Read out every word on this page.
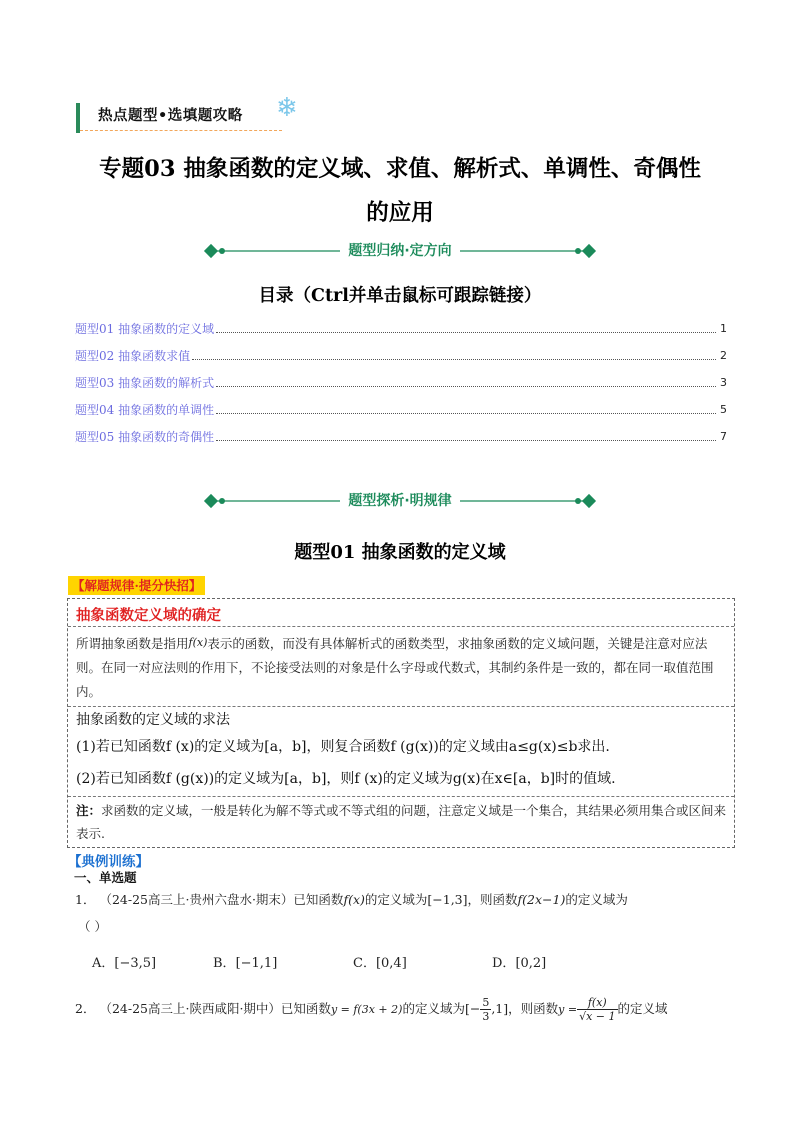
热点题型•选填题攻略 ❄
专题03 抽象函数的定义域、求值、解析式、单调性、奇偶性
的应用
题型归纳·定方向
目录（Ctrl并单击鼠标可跟踪链接）
题型01 抽象函数的定义域	1
题型02 抽象函数求值	2
题型03 抽象函数的解析式	3
题型04 抽象函数的单调性	5
题型05 抽象函数的奇偶性	7
题型探析·明规律
题型01 抽象函数的定义域
【解题规律·提分快招】
抽象函数定义域的确定
所谓抽象函数是指用f(x)表示的函数，而没有具体解析式的函数类型，求抽象函数的定义域问题，关键是注意对应法则。在同一对应法则的作用下，不论接受法则的对象是什么字母或代数式，其制约条件是一致的，都在同一取值范围内。
抽象函数的定义域的求法
(1)若已知函数f (x)的定义域为[a，b]，则复合函数f (g(x))的定义域由a≤g(x)≤b求出.
(2)若已知函数f (g(x))的定义域为[a，b]，则f (x)的定义域为g(x)在x∈[a，b]时的值域.
注：求函数的定义域，一般是转化为解不等式或不等式组的问题，注意定义域是一个集合，其结果必须用集合或区间来表示.
【典例训练】
一、单选题
1． （24-25高三上·贵州六盘水·期末）已知函数f(x)的定义域为[−1,3]，则函数f(2x−1)的定义域为
（ ）
A．[−3,5]	B．[−1,1]	C．[0,4]	D．[0,2]
2． （24-25高三上·陕西咸阳·期中）已知函数y = f(3x + 2)的定义域为[− $\frac{5}{3} ,1$]，则函数$y = \frac{f(x)}{√x - 1}$ 的定义域
